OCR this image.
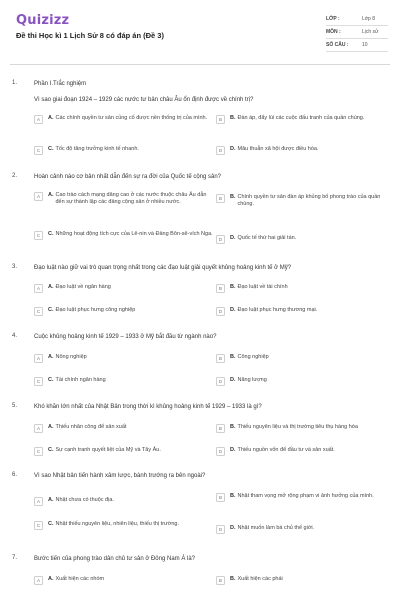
Quizizz
Đề thi Học kì 1 Lịch Sử 8 có đáp án (Đề 3)
LỚP :	Lớp 8
MÔN :	Lịch sử
SỐ CÂU :	10
1.	Phần I.Trắc nghiệm
Vì sao giai đoạn 1924 – 1929 các nước tư bản châu Âu ổn định được về chính trị?
A	A. Các chính quyền tư sản củng cố được nền thống trị của mình.	B	B. Đàn áp, đẩy lùi các cuộc đấu tranh của quần chúng.
C	C. Tốc độ tăng trưởng kinh tế nhanh.	D	D. Mâu thuẫn xã hội được điều hòa.
2.	Hoàn cảnh nào cơ bản nhất dẫn đến sự ra đời của Quốc tế cộng sản?
A	A. Cao trào cách mạng dâng cao ở các nước thuộc châu Âu dẫn đến sự thành lập các đảng cộng sản ở nhiều nước.
B	B. Chính quyền tư sản đàn áp khủng bố phong trào của quần chúng.
C	C. Những hoạt động tích cực của Lê-nin và Đảng Bôn-sê-vích Nga.
D	D. Quốc tế thứ hai giải tán.
3.	Đạo luật nào giữ vai trò quan trọng nhất trong các đạo luật giải quyết khủng hoảng kinh tế ở Mỹ?
A	A. Đạo luật về ngân hàng	B	B. Đạo luật về tài chính
C	C. Đạo luật phục hưng công nghiệp	D	D. Đạo luật phục hưng thương mại.
4.	Cuộc khủng hoảng kinh tế 1929 – 1933 ở Mỹ bắt đầu từ ngành nào?
A	A. Nông nghiệp	B	B. Công nghiệp
C	C. Tài chính ngân hàng	D	D. Năng lượng
5.	Khó khăn lớn nhất của Nhật Bản trong thời kì khủng hoảng kinh tế 1929 – 1933 là gì?
A	A. Thiếu nhân công để sản xuất	B	B. Thiếu nguyên liệu và thị trường tiêu thụ hàng hóa
C	C. Sự cạnh tranh quyết liệt của Mỹ và Tây Âu.	D	D. Thiếu nguồn vốn để đầu tư và sản xuất.
6.	Vì sao Nhật bản tiến hành xâm lược, bành trướng ra bên ngoài?
A	A. Nhật chưa có thuộc địa.	B	B. Nhật tham vọng mở rộng phạm vi ảnh hưởng của mình.
C	C. Nhật thiếu nguyên liệu, nhiên liệu, thiếu thị trường.
D	D. Nhật muốn làm bá chủ thế giới.
7.	Bước tiến của phong trào dân chủ tư sản ở Đông Nam Á là?
A	A. Xuất hiện các nhóm	B	B. Xuất hiện các phái
